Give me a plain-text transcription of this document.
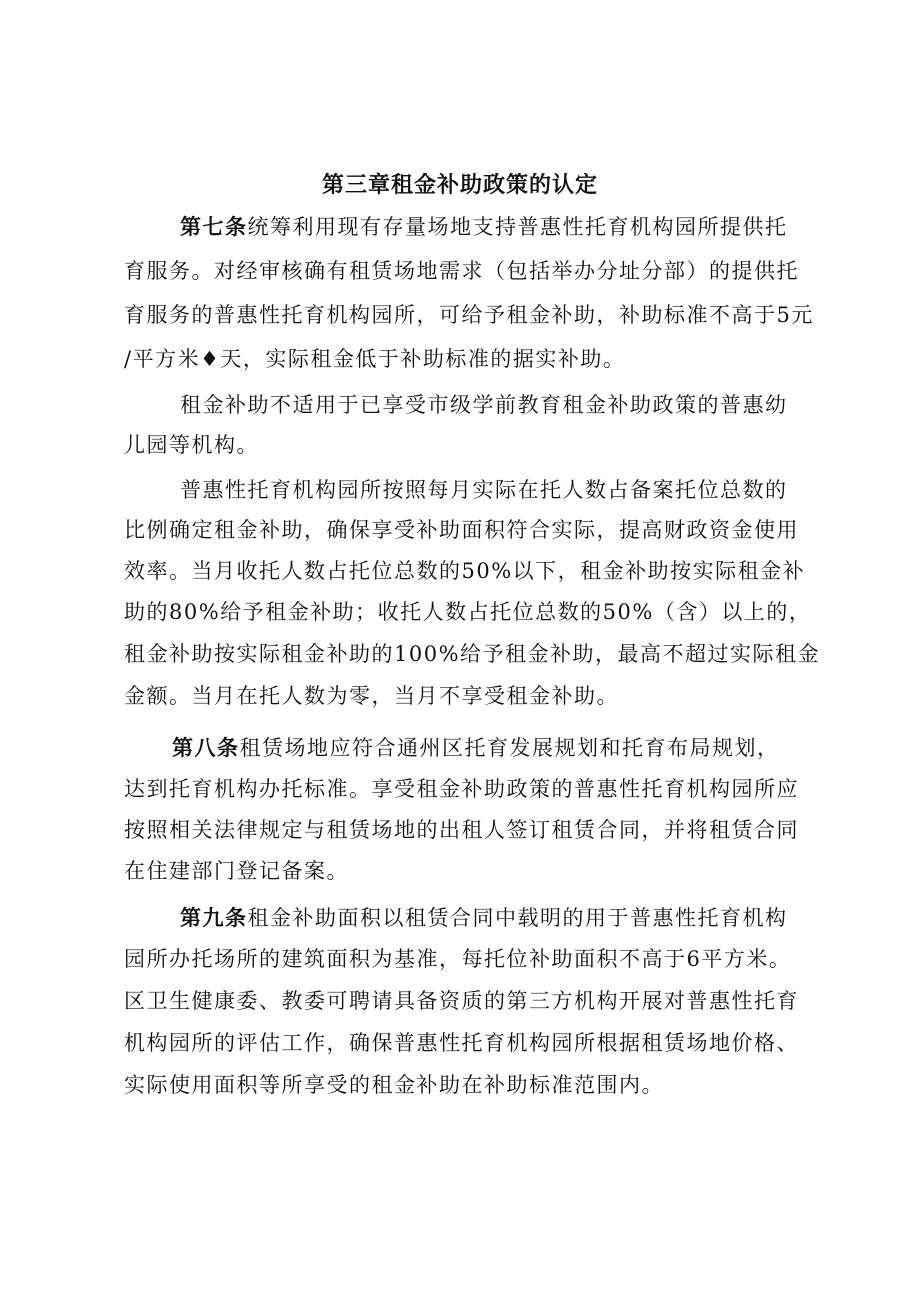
第三章租金补助政策的认定

第七条统筹利用现有存量场地支持普惠性托育机构园所提供托

育服务。对经审核确有租赁场地需求（包括举办分址分部）的提供托

育服务的普惠性托育机构园所，可给予租金补助，补助标准不高于5元

/平方米♦天，实际租金低于补助标准的据实补助。

租金补助不适用于已享受市级学前教育租金补助政策的普惠幼

儿园等机构。

普惠性托育机构园所按照每月实际在托人数占备案托位总数的

比例确定租金补助，确保享受补助面积符合实际，提高财政资金使用

效率。当月收托人数占托位总数的50%以下，租金补助按实际租金补

助的80%给予租金补助；收托人数占托位总数的50%（含）以上的，

租金补助按实际租金补助的100%给予租金补助，最高不超过实际租金

金额。当月在托人数为零，当月不享受租金补助。

第八条租赁场地应符合通州区托育发展规划和托育布局规划，

达到托育机构办托标准。享受租金补助政策的普惠性托育机构园所应

按照相关法律规定与租赁场地的出租人签订租赁合同，并将租赁合同

在住建部门登记备案。

第九条租金补助面积以租赁合同中载明的用于普惠性托育机构

园所办托场所的建筑面积为基准，每托位补助面积不高于6平方米。

区卫生健康委、教委可聘请具备资质的第三方机构开展对普惠性托育

机构园所的评估工作，确保普惠性托育机构园所根据租赁场地价格、

实际使用面积等所享受的租金补助在补助标准范围内。
